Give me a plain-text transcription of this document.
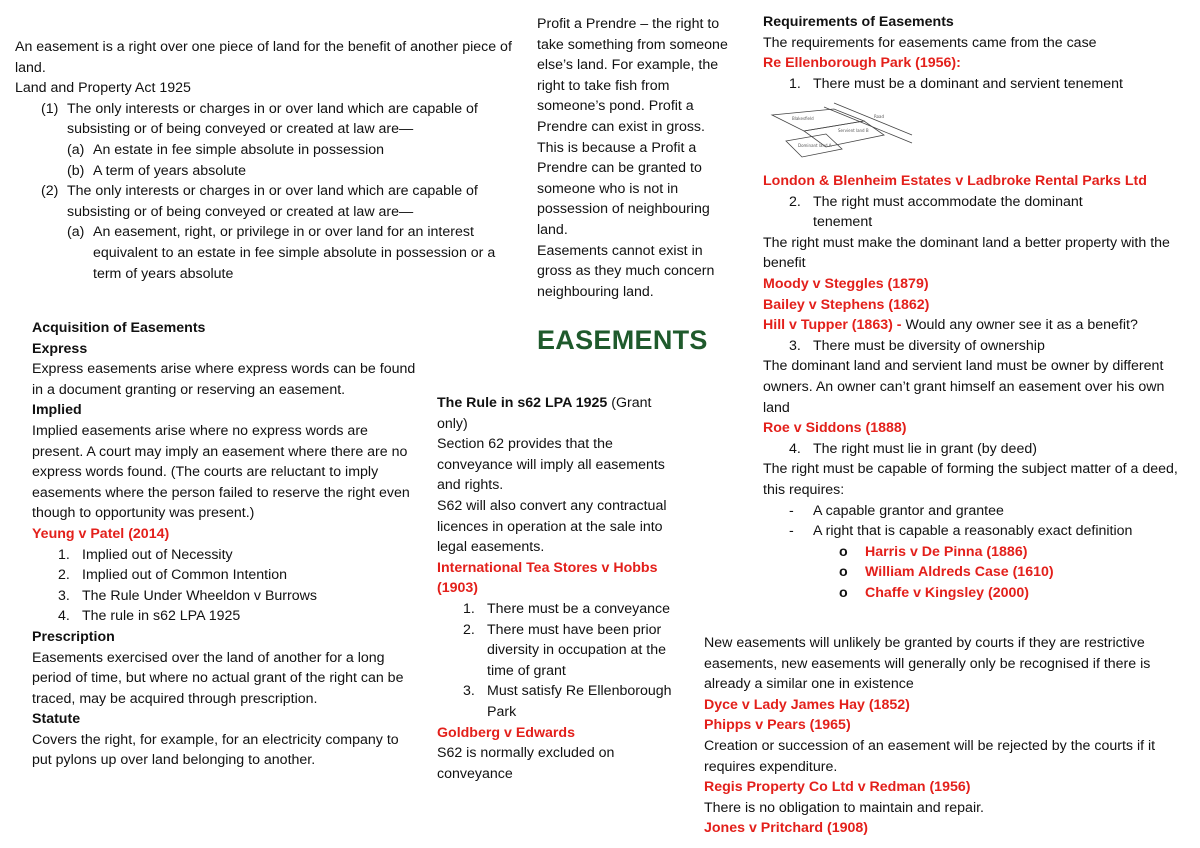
An easement is a right over one piece of land for the benefit of another piece of land.

Land and Property Act 1925

(1) The only interests or charges in or over land which are capable of subsisting or of being conveyed or created at law are—
(a) An estate in fee simple absolute in possession
(b) A term of years absolute
(2) The only interests or charges in or over land which are capable of subsisting or of being conveyed or created at law are—
(a) An easement, right, or privilege in or over land for an interest equivalent to an estate in fee simple absolute in possession or a term of years absolute

Acquisition of Easements

Express

Express easements arise where express words can be found in a document granting or reserving an easement.

Implied

Implied easements arise where no express words are present. A court may imply an easement where there are no express words found. (The courts are reluctant to imply easements where the person failed to reserve the right even though to opportunity was present.)

Yeung v Patel (2014)

1. Implied out of Necessity
2. Implied out of Common Intention
3. The Rule Under Wheeldon v Burrows
4. The rule in s62 LPA 1925

Prescription

Easements exercised over the land of another for a long period of time, but where no actual grant of the right can be traced, may be acquired through prescription.

Statute

Covers the right, for example, for an electricity company to put pylons up over land belonging to another.

Profit a Prendre – the right to take something from someone else’s land. For example, the right to take fish from someone’s pond. Profit a Prendre can exist in gross. This is because a Profit a Prendre can be granted to someone who is not in possession of neighbouring land.

Easements cannot exist in gross as they much concern neighbouring land.

EASEMENTS

The Rule in s62 LPA 1925 (Grant only)

Section 62 provides that the conveyance will imply all easements and rights.

S62 will also convert any contractual licences in operation at the sale into legal easements.

International Tea Stores v Hobbs (1903)

1. There must be a conveyance
2. There must have been prior diversity in occupation at the time of grant
3. Must satisfy Re Ellenborough Park

Goldberg v Edwards

S62 is normally excluded on conveyance

Requirements of Easements

The requirements for easements came from the case

Re Ellenborough Park (1956):

1. There must be a dominant and servient tenement
Blakesfield
Servient land B
Dominant land A
Road

London & Blenheim Estates v Ladbroke Rental Parks Ltd

2. The right must accommodate the dominant tenement

The right must make the dominant land a better property with the benefit

Moody v Steggles (1879)

Bailey v Stephens (1862)

Hill v Tupper (1863) - Would any owner see it as a benefit?

3. There must be diversity of ownership

The dominant land and servient land must be owner by different owners. An owner can’t grant himself an easement over his own land

Roe v Siddons (1888)

4. The right must lie in grant (by deed)

The right must be capable of forming the subject matter of a deed, this requires:

-	A capable grantor and grantee
-	A right that is capable a reasonably exact definition
o	Harris v De Pinna (1886)
o	William Aldreds Case (1610)
o	Chaffe v Kingsley (2000)

New easements will unlikely be granted by courts if they are restrictive easements, new easements will generally only be recognised if there is already a similar one in existence

Dyce v Lady James Hay (1852)

Phipps v Pears (1965)

Creation or succession of an easement will be rejected by the courts if it requires expenditure.

Regis Property Co Ltd v Redman (1956)

There is no obligation to maintain and repair.

Jones v Pritchard (1908)
